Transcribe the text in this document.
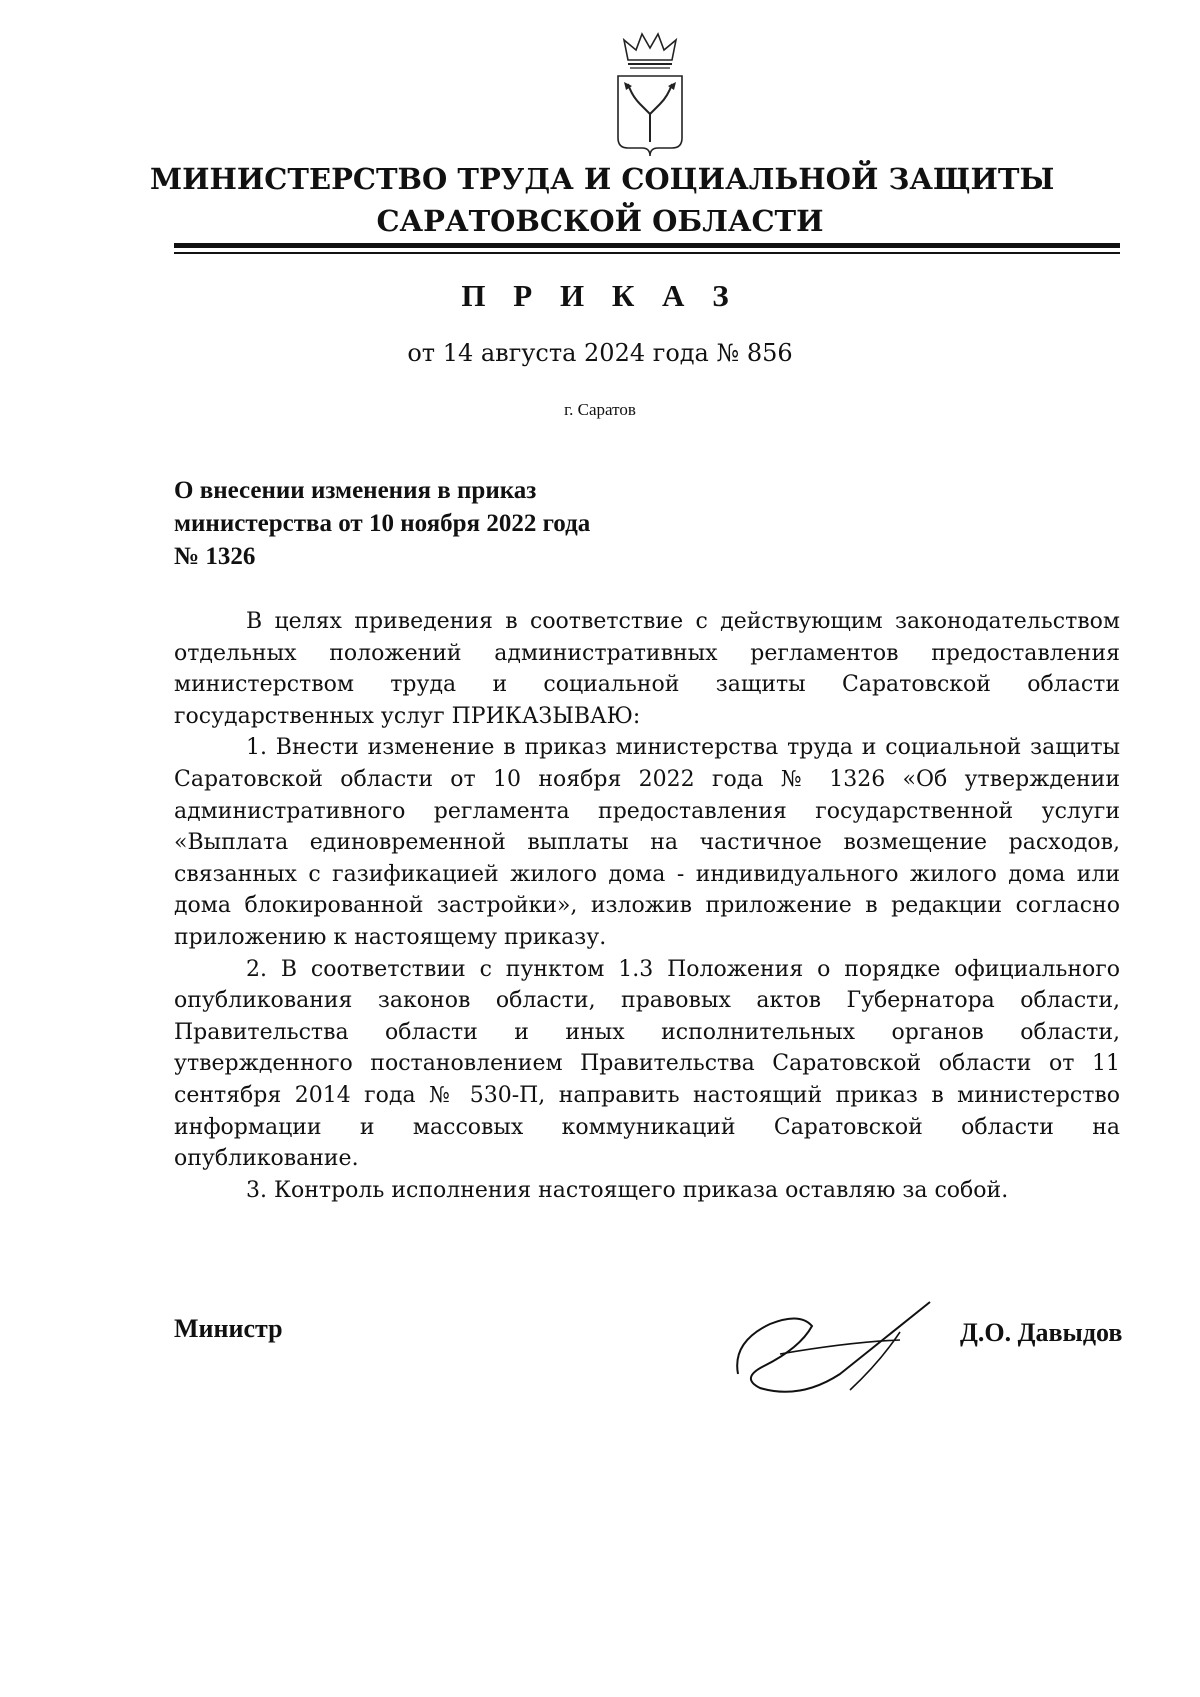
МИНИСТЕРСТВО ТРУДА И СОЦИАЛЬНОЙ ЗАЩИТЫ
САРАТОВСКОЙ ОБЛАСТИ
П Р И К А З
от 14 августа 2024 года № 856
г. Саратов
О внесении изменения в приказ
министерства от 10 ноября 2022 года
№ 1326

В целях приведения в соответствие с действующим законодательством отдельных положений административных регламентов предоставления министерством труда и социальной защиты Саратовской области государственных услуг ПРИКАЗЫВАЮ:

1. Внести изменение в приказ министерства труда и социальной защиты Саратовской области от 10 ноября 2022 года № 1326 «Об утверждении административного регламента предоставления государственной услуги «Выплата единовременной выплаты на частичное возмещение расходов, связанных с газификацией жилого дома - индивидуального жилого дома или дома блокированной застройки», изложив приложение в редакции согласно приложению к настоящему приказу.

2. В соответствии с пунктом 1.3 Положения о порядке официального опубликования законов области, правовых актов Губернатора области, Правительства области и иных исполнительных органов области, утвержденного постановлением Правительства Саратовской области от 11 сентября 2014 года № 530-П, направить настоящий приказ в министерство информации и массовых коммуникаций Саратовской области на опубликование.

3. Контроль исполнения настоящего приказа оставляю за собой.

Министр	Д.О. Давыдов
